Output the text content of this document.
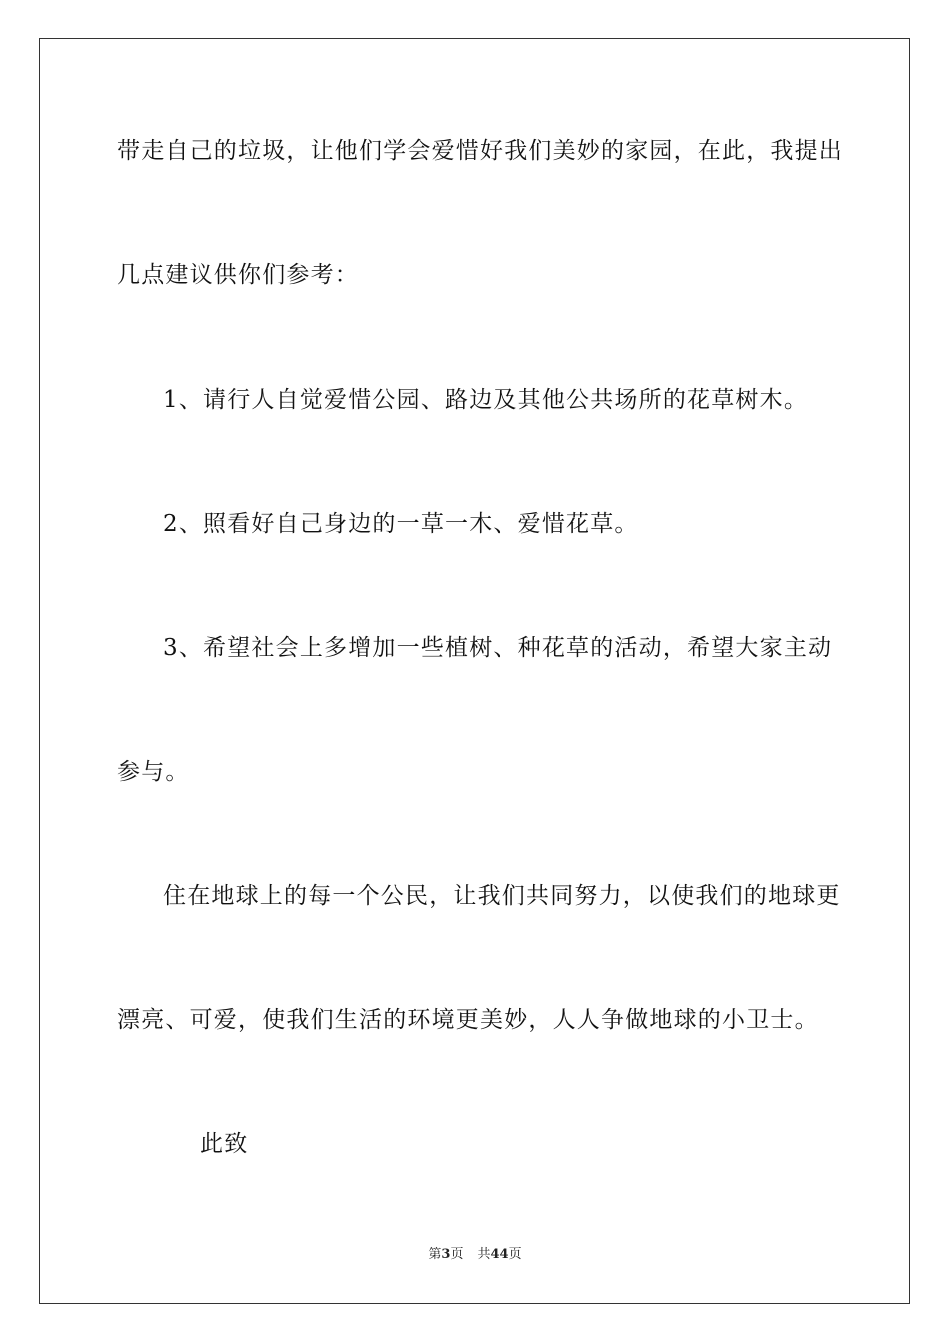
带走自己的垃圾，让他们学会爱惜好我们美妙的家园，在此，我提出
几点建议供你们参考：
1、请行人自觉爱惜公园、路边及其他公共场所的花草树木。
2、照看好自己身边的一草一木、爱惜花草。
3、希望社会上多增加一些植树、种花草的活动，希望大家主动
参与。
住在地球上的每一个公民，让我们共同努力，以使我们的地球更
漂亮、可爱，使我们生活的环境更美妙，人人争做地球的小卫士。
此致
第3页 共44页
